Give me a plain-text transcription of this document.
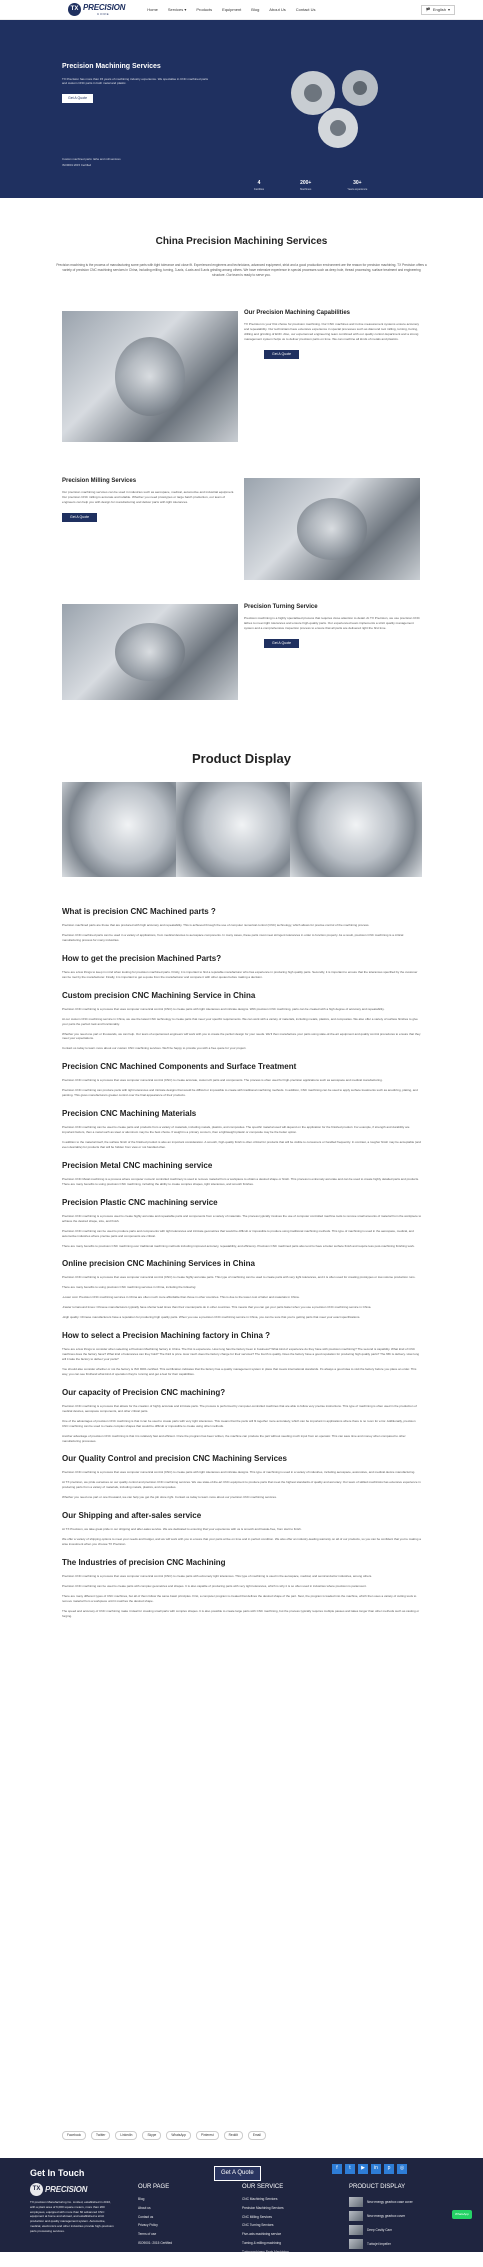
TX PRECISION
CORE
Home	Services ▾	Products	Equipment	Blog	About Us	Contact Us	🏴 English ▾
Precision Machining Services

TX Precision has more than 15 years of machining industry experience. We specialise in CNC machined parts and custom CNC parts in both metal and plastic.

Get A Quote
Custom machined parts: lathe and mill services
ISO9001:2015 Certified
4
Facilities
200+
Machines
30+
Years experience
China Precision Machining Services

Precision machining is the process of manufacturing some parts with tight tolerance and close fit. Experienced engineers and technicians, advanced equipment, strict and a good production environment are the reason for precision machining. TX Precision offers a variety of precision CNC machining services in China, including milling, turning, 3-axis, 4-axis and 5-axis grinding among others. We have extensive experience in special processes such as deep hole, thread processing, surface treatment and engineering structure. Our team is ready to serve you.

Our Precision Machining Capabilities

TX Precision is your first choice for precision machining. Our CNC machines and in-line measurement systems ensure accuracy and repeatability. Our technicians have extensive experience in special processes such as diamond tool milling, turning, boring, drilling and grinding of ECD. Also, our experienced engineering team combined with our quality control department and a strong management system helps us to deliver precision parts on time. We can machine all kinds of metals and plastics.

Get A Quote
Precision Milling Services

Our precision machining services can be used in industries such as aerospace, medical, automotive and industrial equipment. Our precision CNC milling is accurate and reliable. Whether you need prototypes or large batch production, our team of engineers can help you with design for manufacturing and deliver parts with tight tolerances.

Get A Quote
Precision Turning Service

Precision machining is a highly specialised process that requires close attention to detail. At TX Precision, we use precision CNC lathes to meet tight tolerances and ensure high-quality parts. Our experienced team implements a strict quality management system and a comprehensive inspection process to ensure that all parts are delivered right the first time.

Get A Quote
Product Display
What is precision CNC Machined parts ?

Precision machined parts are those that are produced with high accuracy and repeatability. This is achieved through the use of computer numerical control (CNC) technology, which allows for precise control of the machining process.

Precision CNC machined parts can be used in a variety of applications, from medical devices to aerospace components. In many cases, these parts must meet stringent tolerances in order to function properly. As a result, precision CNC machining is a critical manufacturing process for many industries.

How to get the precision Machined Parts?

There are a few things to keep in mind when looking for precision machined parts. Firstly, it is important to find a reputable manufacturer who has experience in producing high quality parts. Secondly, it is important to ensure that the tolerances specified by the customer can be met by the manufacturer. Finally, it is important to get a quote from the manufacturer and compare it with other quotes before making a decision.

Custom precision CNC Machining Service in China

Precision CNC machining is a process that uses computer numerical control (CNC) to create parts with tight tolerances and intricate designs. With precision CNC machining, parts can be created with a high degree of accuracy and repeatability.

At our custom CNC machining service in China, we use the latest CNC technology to create parts that meet your specific requirements. We can work with a variety of materials, including metals, plastics, and composites. We also offer a variety of surface finishes to give your parts the perfect look and functionality.

Whether you need one part or thousands, we can help. Our team of experienced engineers will work with you to create the perfect design for your needs. We'll then manufacture your parts using state-of-the-art equipment and quality control procedures to ensure that they meet your expectations.

Contact us today to learn more about our custom CNC machining services. We'll be happy to provide you with a free quote for your project.

Precision CNC Machined Components and Surface Treatment

Precision CNC machining is a process that uses computer numerical control (CNC) to create accurate, custom-fit parts and components. The process is often used for high-precision applications such as aerospace and medical manufacturing.

Precision CNC machining can produce parts with tight tolerances and intricate designs that would be difficult or impossible to create with traditional machining methods. In addition, CNC machining can be used to apply surface treatments such as anodizing, plating, and painting. This gives manufacturers greater control over the final appearance of their products.

Precision CNC Machining Materials

Precision CNC machining can be used to create parts and products from a variety of materials, including metals, plastics, and composites. The specific material used will depend on the application for the finished product. For example, if strength and durability are important factors, then a metal such as steel or aluminum may be the best choice. If weight is a primary concern, then a lightweight plastic or composite may be the better option.

In addition to the material itself, the surface finish of the finished product is also an important consideration. A smooth, high-quality finish is often critical for products that will be visible to consumers or handled frequently. In contrast, a rougher finish may be acceptable (and even desirable) for products that will be hidden from view or not handled often.

Precision Metal CNC machining service

Precision CNC Metal machining is a process where computer numeric controlled machinery is used to remove material from a workpiece to obtain a desired shape or finish. This process is extremely accurate and can be used to create highly detailed parts and products. There are many benefits to using precision CNC machining, including the ability to create complex shapes, tight tolerances, and smooth finishes.

Precision Plastic CNC machining service

Precision CNC machining is a process used to create highly accurate and repeatable parts and components from a variety of materials. The process typically involves the use of computer controlled machine tools to remove small amounts of material from the workpiece to achieve the desired shape, size, and finish.

Precision CNC machining can be used to produce parts and components with tight tolerances and intricate geometries that would be difficult or impossible to produce using traditional machining methods. This type of machining is used in the aerospace, medical, and automotive industries where precise parts and components are critical.

There are many benefits to precision CNC machining over traditional machining methods including improved accuracy, repeatability, and efficiency. Precision CNC machined parts also tend to have a better surface finish and require less post-machining finishing work.

Online precision CNC Machining Services in China

Precision CNC machining is a process that uses computer numerical control (CNC) to create highly accurate parts. This type of machining can be used to create parts with very tight tolerances, and it is often used for creating prototypes or low-volume production runs.

There are many benefits to using precision CNC machining services in China, including the following:

-Lower cost: Precision CNC machining services in China are often much more affordable than those in other countries. This is due to the lower cost of labor and materials in China.

-Faster turnaround times: Chinese manufacturers typically have shorter lead times than their counterparts do in other countries. This means that you can get your parts faster when you use a precision CNC machining service in China.

-High quality: Chinese manufacturers have a reputation for producing high quality parts. When you use a precision CNC machining service in China, you can be sure that you're getting parts that meet your exact specifications.

How to select a Precision Machining factory in China ?

There are a few things to consider when selecting a Precision Machining factory in China. The first is experience. How long has the factory been in business? What kind of experience do they have with precision machining? The second is capability. What kind of CNC machines does the factory have? What kind of tolerances can they hold? The third is price. How much does the factory charge for their services? The fourth is quality. Does the factory have a good reputation for producing high quality parts? The fifth is delivery. How long will it take the factory to deliver your parts?

You should also consider whether or not the factory is ISO 9001 certified. This certification indicates that the factory has a quality management system in place that meets international standards. It's always a good idea to visit the factory before you place an order. This way, you can see firsthand what kind of operation they're running and get a feel for their capabilities.

Our capacity of Precision CNC machining?

Precision CNC machining is a process that allows for the creation of highly accurate and intricate parts. The process is performed by computer-controlled machines that are able to follow very precise instructions. This type of machining is often used in the production of medical devices, aerospace components, and other critical parts.

One of the advantages of precision CNC machining is that it can be used to create parts with very tight tolerances. This means that the parts will fit together more accurately, which can be important in applications where there is no room for error. Additionally, precision CNC machining can be used to create complex shapes that would be difficult or impossible to create using other methods.

Another advantage of precision CNC machining is that it is relatively fast and efficient. Once the program has been written, the machine can produce the part without needing much input from an operator. This can save time and money when compared to other manufacturing processes.

Our Quality Control and precision CNC Machining Services

Precision CNC machining is a process that uses computer numerical control (CNC) to create parts with tight tolerances and intricate designs. This type of machining is used in a variety of industries, including aerospace, automotive, and medical device manufacturing.

At TX precision, we pride ourselves on our quality control and precision CNC machining services. We use state-of-the-art CNC equipment to produce parts that meet the highest standards of quality and accuracy. Our team of skilled machinists has extensive experience in producing parts from a variety of materials, including metals, plastics, and composites.

Whether you need one part or one thousand, we can help you get the job done right. Contact us today to learn more about our precision CNC machining services.

Our Shipping and after-sales service

At TX Precision, we take great pride in our shipping and after-sales service. We are dedicated to ensuring that your experience with us is smooth and hassle-free, from start to finish.

We offer a variety of shipping options to meet your needs and budget, and we will work with you to ensure that your parts arrive on time and in perfect condition. We also offer an industry-leading warranty on all of our products, so you can be confident that you're making a wise investment when you choose TX Precision.

The Industries of precision CNC Machining

Precision CNC machining is a process that uses computer numerical control (CNC) to create parts with extremely tight tolerances. This type of machining is used in the aerospace, medical, and semiconductor industries, among others.

Precision CNC machining can be used to create parts with complex geometries and shapes. It is also capable of producing parts with very tight tolerances, which is why it is so often used in industries where precision is paramount.

There are many different types of CNC machines, but all of them follow the same basic principles. First, a computer program is created that defines the desired shape of the part. Next, the program is loaded into the machine, which then uses a variety of cutting tools to remove material from a workpiece until it matches the desired shape.

The speed and accuracy of CNC machining make it ideal for creating small parts with complex shapes. It is also possible to create large parts with CNC machining, but the process typically requires multiple passes and takes longer than other methods such as casting or forging.

Facebook	Twitter	LinkedIn	Skype	WhatsApp	Pinterest	Reddit	Email
Get In Touch	Get A Quote
f	t	▶	in	p	◎
TX PRECISION
TX precision Manufacturing Co. Limited, established in 2016, with a plant area of 6,000 square meters, more than 200 employees, equipped with more than 60 advanced CNC equipment at home and abroad, and established a strict production and quality management system. Automotive, medical, electronics and other industries provide high-precision parts processing services.
OUR PAGE
Blog
About us
Contact us
Privacy Policy
Terms of use
ISO9001: 2015 Certified
OUR SERVICE
CNC Machining Services
Precision Machining Services
CNC Milling Services
CNC Turning Services
Five-axis machining service
Turning & milling machining
Turbomachinery Parts Machining
Rapid Prototyping Services
PRODUCT DISPLAY
New energy gearbox case cover
New energy gearbox cover
Deep Cavity Cam
Turbojet Impeller
WhatsApp
